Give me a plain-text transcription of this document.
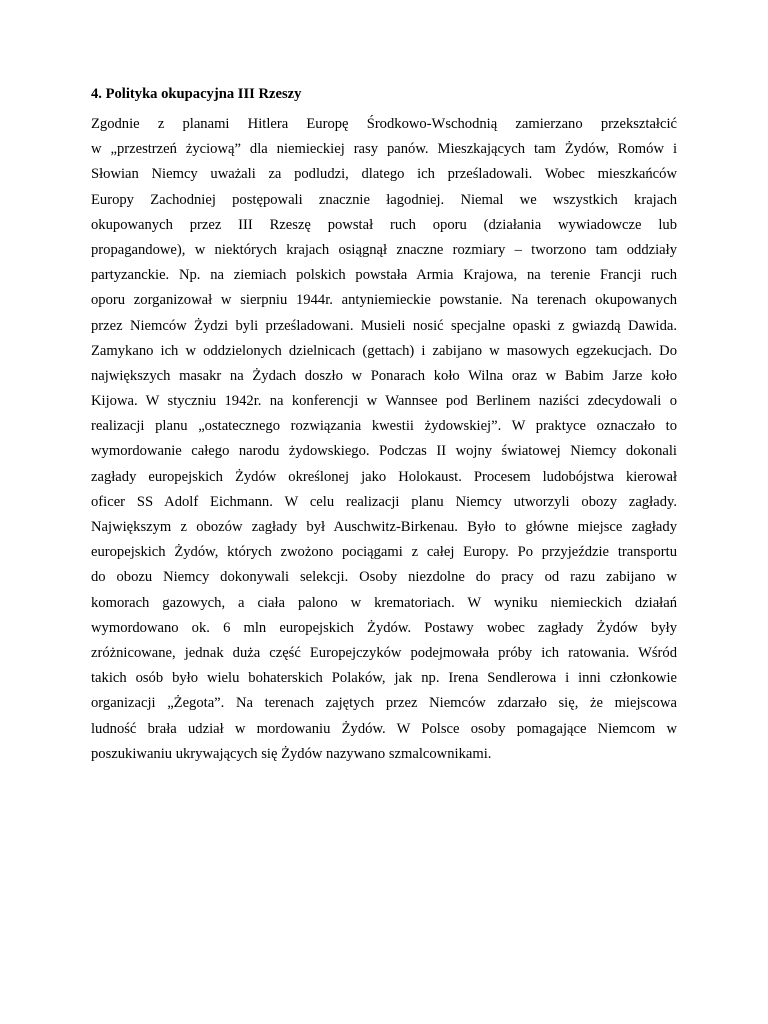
4. Polityka okupacyjna III Rzeszy
Zgodnie z planami Hitlera Europę Środkowo-Wschodnią zamierzano przekształcić
w „przestrzeń życiową” dla niemieckiej rasy panów. Mieszkających tam Żydów, Romów i
Słowian Niemcy uważali za podludzi, dlatego ich prześladowali. Wobec mieszkańców
Europy Zachodniej postępowali znacznie łagodniej. Niemal we wszystkich krajach
okupowanych przez III Rzeszę powstał ruch oporu (działania wywiadowcze lub
propagandowe), w niektórych krajach osiągnął znaczne rozmiary – tworzono tam oddziały
partyzanckie. Np. na ziemiach polskich powstała Armia Krajowa, na terenie Francji ruch
oporu zorganizował w sierpniu 1944r. antyniemieckie powstanie. Na terenach okupowanych
przez Niemców Żydzi byli prześladowani. Musieli nosić specjalne opaski z gwiazdą Dawida.
Zamykano ich w oddzielonych dzielnicach (gettach) i zabijano w masowych egzekucjach. Do
największych masakr na Żydach doszło w Ponarach koło Wilna oraz w Babim Jarze koło
Kijowa. W styczniu 1942r. na konferencji w Wannsee pod Berlinem naziści zdecydowali o
realizacji planu „ostatecznego rozwiązania kwestii żydowskiej”. W praktyce oznaczało to
wymordowanie całego narodu żydowskiego. Podczas II wojny światowej Niemcy dokonali
zagłady europejskich Żydów określonej jako Holokaust. Procesem ludobójstwa kierował
oficer SS Adolf Eichmann. W celu realizacji planu Niemcy utworzyli obozy zagłady.
Największym z obozów zagłady był Auschwitz-Birkenau. Było to główne miejsce zagłady
europejskich Żydów, których zwożono pociągami z całej Europy. Po przyjeździe transportu
do obozu Niemcy dokonywali selekcji. Osoby niezdolne do pracy od razu zabijano w
komorach gazowych, a ciała palono w krematoriach. W wyniku niemieckich działań
wymordowano ok. 6 mln europejskich Żydów. Postawy wobec zagłady Żydów były
zróżnicowane, jednak duża część Europejczyków podejmowała próby ich ratowania. Wśród
takich osób było wielu bohaterskich Polaków, jak np. Irena Sendlerowa i inni członkowie
organizacji „Żegota”. Na terenach zajętych przez Niemców zdarzało się, że miejscowa
ludność brała udział w mordowaniu Żydów. W Polsce osoby pomagające Niemcom w
poszukiwaniu ukrywających się Żydów nazywano szmalcownikami.
